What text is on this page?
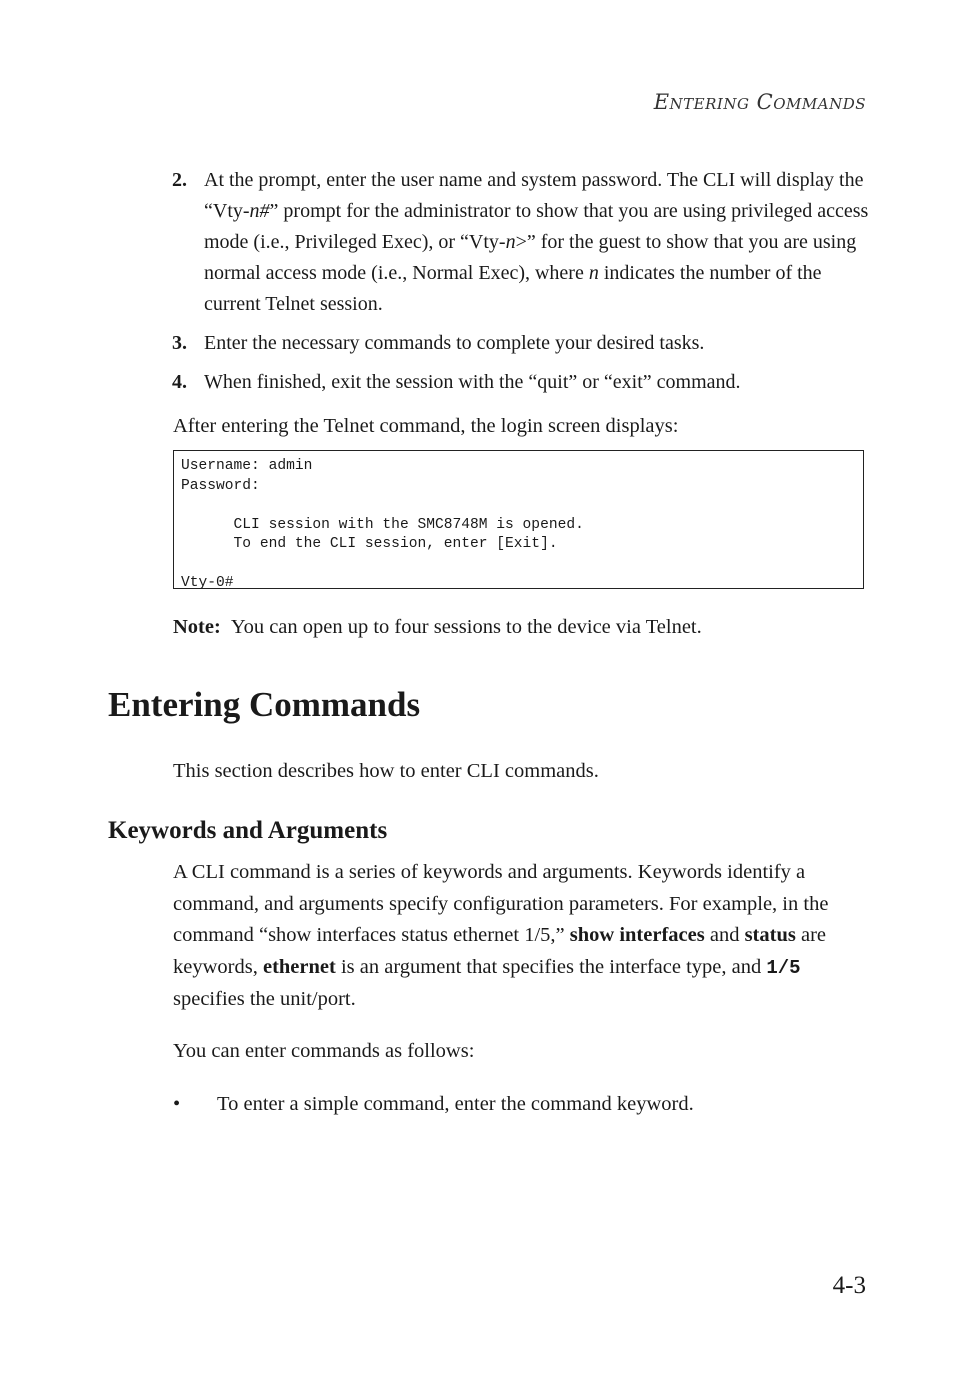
ENTERING COMMANDS
2. At the prompt, enter the user name and system password. The CLI will display the “Vty-n#” prompt for the administrator to show that you are using privileged access mode (i.e., Privileged Exec), or “Vty-n>” for the guest to show that you are using normal access mode (i.e., Normal Exec), where n indicates the number of the current Telnet session.
3. Enter the necessary commands to complete your desired tasks.
4. When finished, exit the session with the “quit” or “exit” command.
After entering the Telnet command, the login screen displays:
Username: admin
Password:

CLI session with the SMC8748M is opened.
To end the CLI session, enter [Exit].

Vty-0#
Note: You can open up to four sessions to the device via Telnet.
Entering Commands
This section describes how to enter CLI commands.
Keywords and Arguments
A CLI command is a series of keywords and arguments. Keywords identify a command, and arguments specify configuration parameters. For example, in the command “show interfaces status ethernet 1/5,” show interfaces and status are keywords, ethernet is an argument that specifies the interface type, and 1/5 specifies the unit/port.
You can enter commands as follows:
• To enter a simple command, enter the command keyword.
4-3
